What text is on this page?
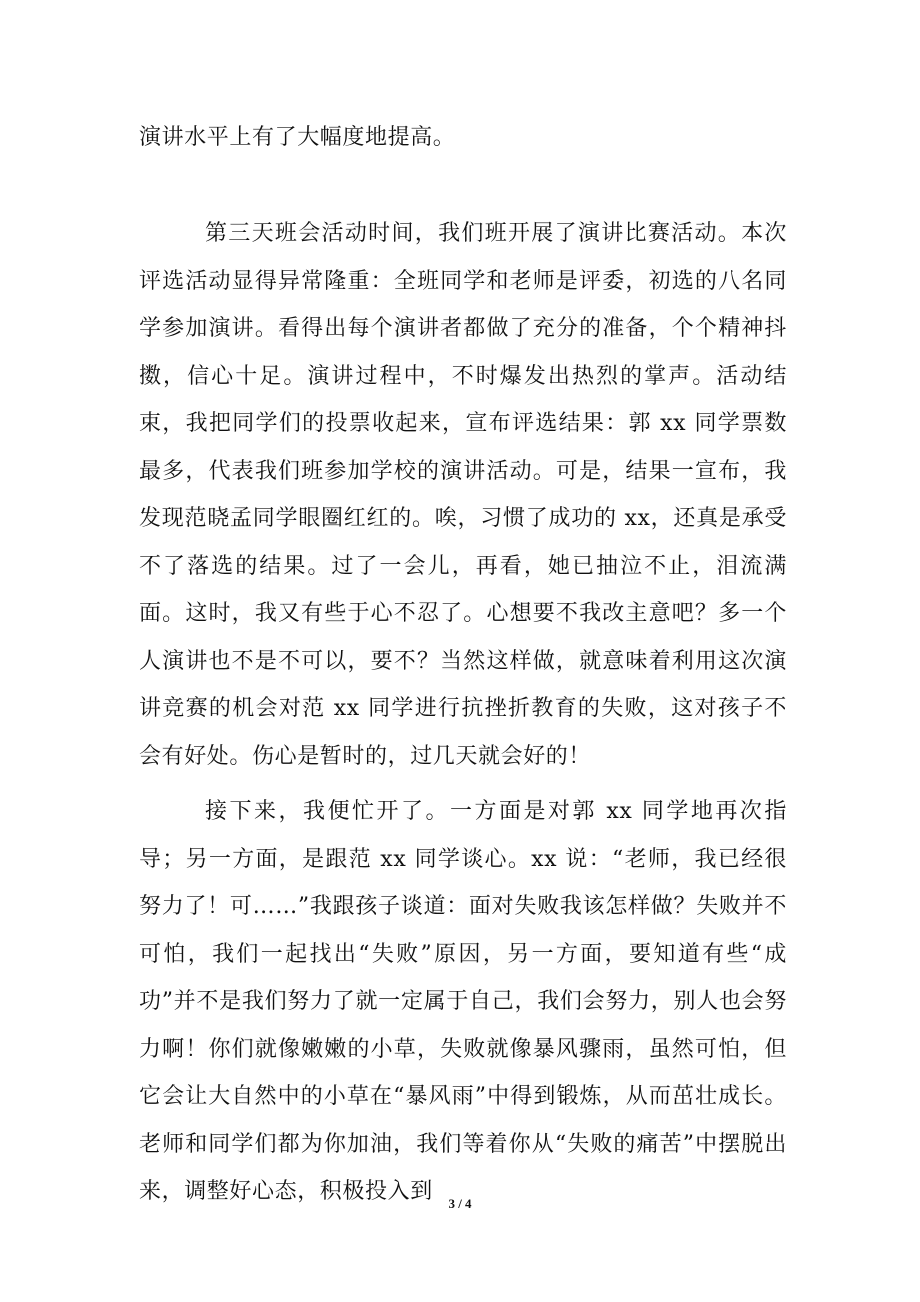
演讲水平上有了大幅度地提高。

第三天班会活动时间，我们班开展了演讲比赛活动。本次评选活动显得异常隆重：全班同学和老师是评委，初选的八名同学参加演讲。看得出每个演讲者都做了充分的准备，个个精神抖擞，信心十足。演讲过程中，不时爆发出热烈的掌声。活动结束，我把同学们的投票收起来，宣布评选结果：郭 xx 同学票数最多，代表我们班参加学校的演讲活动。可是，结果一宣布，我发现范晓孟同学眼圈红红的。唉，习惯了成功的 xx，还真是承受不了落选的结果。过了一会儿，再看，她已抽泣不止，泪流满面。这时，我又有些于心不忍了。心想要不我改主意吧？多一个人演讲也不是不可以，要不？当然这样做，就意味着利用这次演讲竞赛的机会对范 xx 同学进行抗挫折教育的失败，这对孩子不会有好处。伤心是暂时的，过几天就会好的！

接下来，我便忙开了。一方面是对郭 xx 同学地再次指导；另一方面，是跟范 xx 同学谈心。xx 说：“老师，我已经很努力了！可……”我跟孩子谈道：面对失败我该怎样做？失败并不可怕，我们一起找出“失败”原因，另一方面，要知道有些“成功”并不是我们努力了就一定属于自己，我们会努力，别人也会努力啊！你们就像嫩嫩的小草，失败就像暴风骤雨，虽然可怕，但它会让大自然中的小草在“暴风雨”中得到锻炼，从而茁壮成长。老师和同学们都为你加油，我们等着你从“失败的痛苦”中摆脱出来，调整好心态，积极投入到	3 / 4
